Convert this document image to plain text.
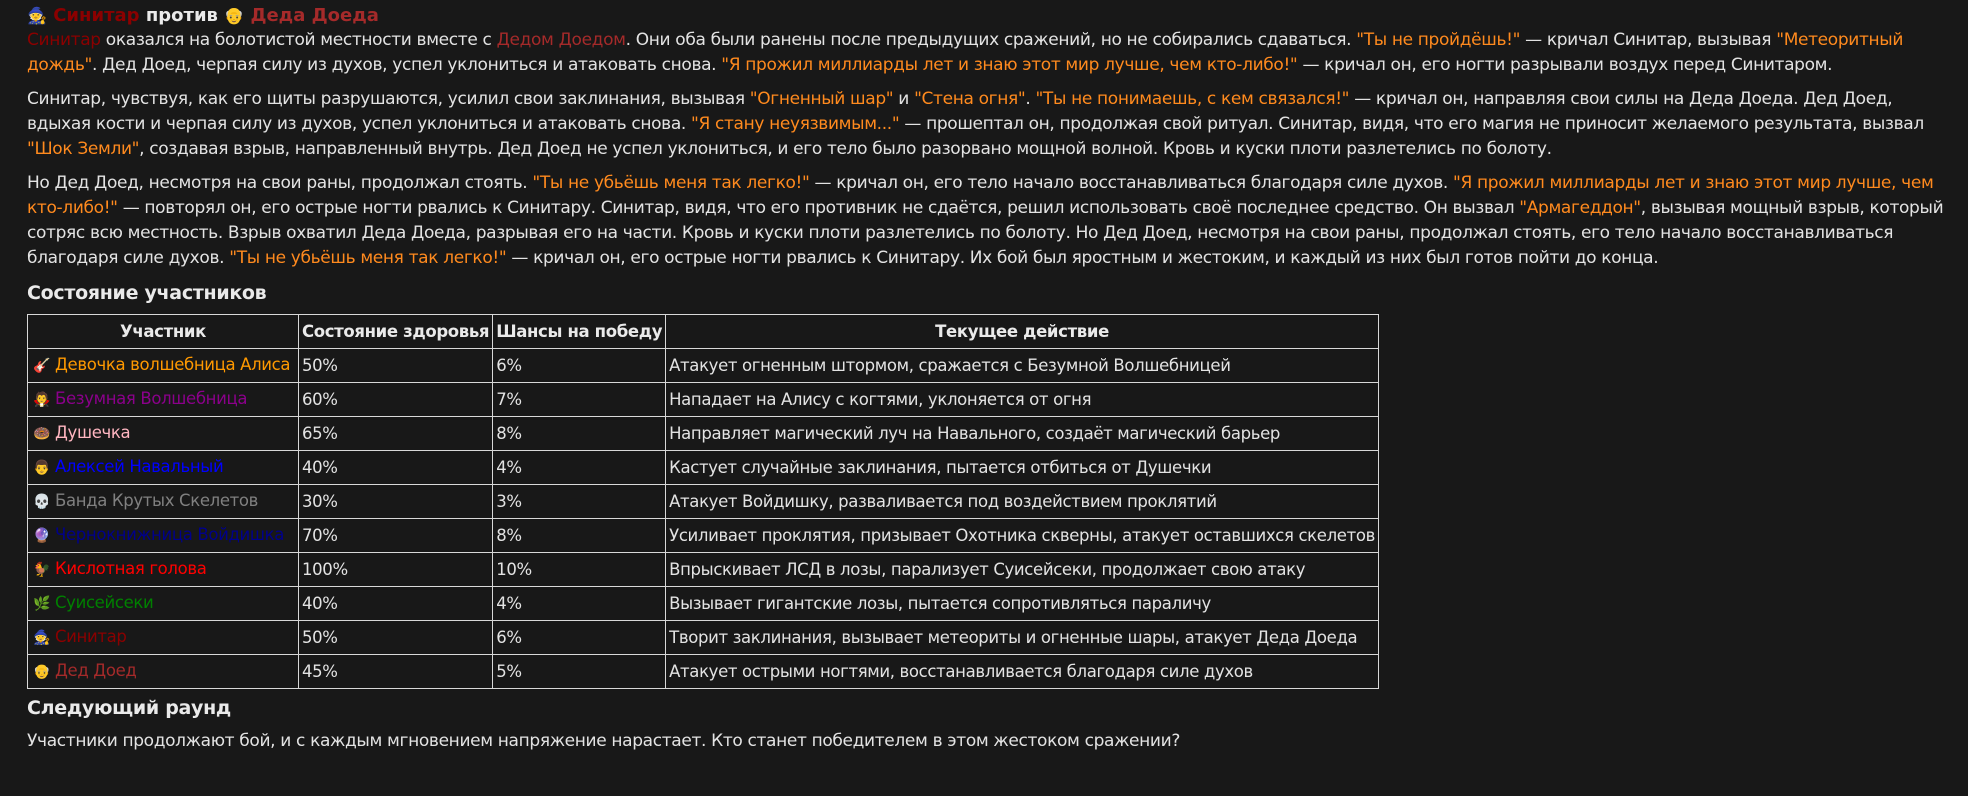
🧙 Синитар против 👴 Деда Доеда

Синитар оказался на болотистой местности вместе с Дедом Доедом. Они оба были ранены после предыдущих сражений, но не собирались сдаваться. "Ты не пройдёшь!" — кричал Синитар, вызывая "Метеоритный дождь". Дед Доед, черпая силу из духов, успел уклониться и атаковать снова. "Я прожил миллиарды лет и знаю этот мир лучше, чем кто-либо!" — кричал он, его ногти разрывали воздух перед Синитаром.

Синитар, чувствуя, как его щиты разрушаются, усилил свои заклинания, вызывая "Огненный шар" и "Стена огня". "Ты не понимаешь, с кем связался!" — кричал он, направляя свои силы на Деда Доеда. Дед Доед, вдыхая кости и черпая силу из духов, успел уклониться и атаковать снова. "Я стану неуязвимым..." — прошептал он, продолжая свой ритуал. Синитар, видя, что его магия не приносит желаемого результата, вызвал "Шок Земли", создавая взрыв, направленный внутрь. Дед Доед не успел уклониться, и его тело было разорвано мощной волной. Кровь и куски плоти разлетелись по болоту.

Но Дед Доед, несмотря на свои раны, продолжал стоять. "Ты не убьёшь меня так легко!" — кричал он, его тело начало восстанавливаться благодаря силе духов. "Я прожил миллиарды лет и знаю этот мир лучше, чем кто-либо!" — повторял он, его острые ногти рвались к Синитару. Синитар, видя, что его противник не сдаётся, решил использовать своё последнее средство. Он вызвал "Армагеддон", вызывая мощный взрыв, который сотряс всю местность. Взрыв охватил Деда Доеда, разрывая его на части. Кровь и куски плоти разлетелись по болоту. Но Дед Доед, несмотря на свои раны, продолжал стоять, его тело начало восстанавливаться благодаря силе духов. "Ты не убьёшь меня так легко!" — кричал он, его острые ногти рвались к Синитару. Их бой был яростным и жестоким, и каждый из них был готов пойти до конца.

Состояние участников
Участник	Состояние здоровья	Шансы на победу	Текущее действие
🎸 Девочка волшебница Алиса	50%	6%	Атакует огненным штормом, сражается с Безумной Волшебницей
🧛 Безумная Волшебница	60%	7%	Нападает на Алису с когтями, уклоняется от огня
🍩 Душечка	65%	8%	Направляет магический луч на Навального, создаёт магический барьер
👨 Алексей Навальный	40%	4%	Кастует случайные заклинания, пытается отбиться от Душечки
💀 Банда Крутых Скелетов	30%	3%	Атакует Войдишку, разваливается под воздействием проклятий
🔮 Чернокнижница Войдишка	70%	8%	Усиливает проклятия, призывает Охотника скверны, атакует оставшихся скелетов
🐓 Кислотная голова	100%	10%	Впрыскивает ЛСД в лозы, парализует Суисейсеки, продолжает свою атаку
🌿 Суисейсеки	40%	4%	Вызывает гигантские лозы, пытается сопротивляться параличу
🧙 Синитар	50%	6%	Творит заклинания, вызывает метеориты и огненные шары, атакует Деда Доеда
👴 Дед Доед	45%	5%	Атакует острыми ногтями, восстанавливается благодаря силе духов
Следующий раунд

Участники продолжают бой, и с каждым мгновением напряжение нарастает. Кто станет победителем в этом жестоком сражении?
